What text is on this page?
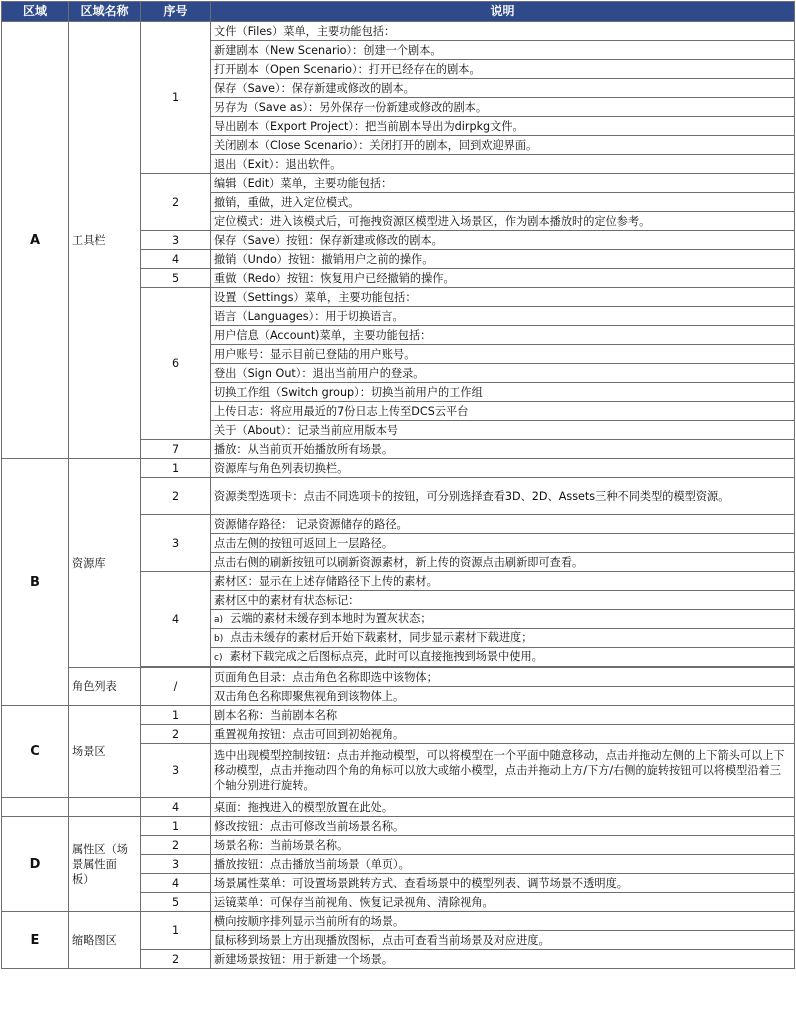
区域	区域名称	序号	说明
A	工具栏	1	文件（Files）菜单，主要功能包括：
			新建剧本（New Scenario）：创建一个剧本。
			打开剧本（Open Scenario）：打开已经存在的剧本。
			保存（Save）：保存新建或修改的剧本。
			另存为（Save as）：另外保存一份新建或修改的剧本。
			导出剧本（Export Project）：把当前剧本导出为dirpkg文件。
			关闭剧本（Close Scenario）：关闭打开的剧本，回到欢迎界面。
			退出（Exit）：退出软件。
		2	编辑（Edit）菜单，主要功能包括：
			撤销，重做，进入定位模式。
			定位模式：进入该模式后，可拖拽资源区模型进入场景区，作为剧本播放时的定位参考。
		3	保存（Save）按钮：保存新建或修改的剧本。
		4	撤销（Undo）按钮：撤销用户之前的操作。
		5	重做（Redo）按钮：恢复用户已经撤销的操作。
		6	设置（Settings）菜单，主要功能包括：
			语言（Languages）：用于切换语言。
			用户信息（Account)菜单，主要功能包括：
			用户账号：显示目前已登陆的用户账号。
			登出（Sign Out）：退出当前用户的登录。
			切换工作组（Switch group）：切换当前用户的工作组
			上传日志：将应用最近的7份日志上传至DCS云平台
			关于（About）：记录当前应用版本号
		7	播放：从当前页开始播放所有场景。
B	资源库	1	资源库与角色列表切换栏。
		2	资源类型选项卡：点击不同选项卡的按钮，可分别选择查看3D、2D、Assets三种不同类型的模型资源。
		3	资源储存路径： 记录资源储存的路径。
			点击左侧的按钮可返回上一层路径。
			点击右侧的刷新按钮可以刷新资源素材，新上传的资源点击刷新即可查看。
		4	素材区：显示在上述存储路径下上传的素材。
			素材区中的素材有状态标记：
			a) 云端的素材未缓存到本地时为置灰状态；
			b) 点击未缓存的素材后开始下载素材，同步显示素材下载进度；
			c) 素材下载完成之后图标点亮，此时可以直接拖拽到场景中使用。

	角色列表	/	页面角色目录：点击角色名称即选中该物体；
			双击角色名称即聚焦视角到该物体上。
C	场景区	1	剧本名称：当前剧本名称
		2	重置视角按钮：点击可回到初始视角。
		3	选中出现模型控制按钮：点击并拖动模型，可以将模型在一个平面中随意移动，点击并拖动左侧的上下箭头可以上下移动模型，点击并拖动四个角的角标可以放大或缩小模型，点击并拖动上方/下方/右侧的旋转按钮可以将模型沿着三个轴分别进行旋转。
		4	桌面：拖拽进入的模型放置在此处。
D	属性区（场景属性面板）	1	修改按钮：点击可修改当前场景名称。
		2	场景名称：当前场景名称。
		3	播放按钮：点击播放当前场景（单页）。
		4	场景属性菜单：可设置场景跳转方式、查看场景中的模型列表、调节场景不透明度。
		5	运镜菜单：可保存当前视角、恢复记录视角、清除视角。
E	缩略图区	1	横向按顺序排列显示当前所有的场景。
			鼠标移到场景上方出现播放图标，点击可查看当前场景及对应进度。
		2	新建场景按钮：用于新建一个场景。
